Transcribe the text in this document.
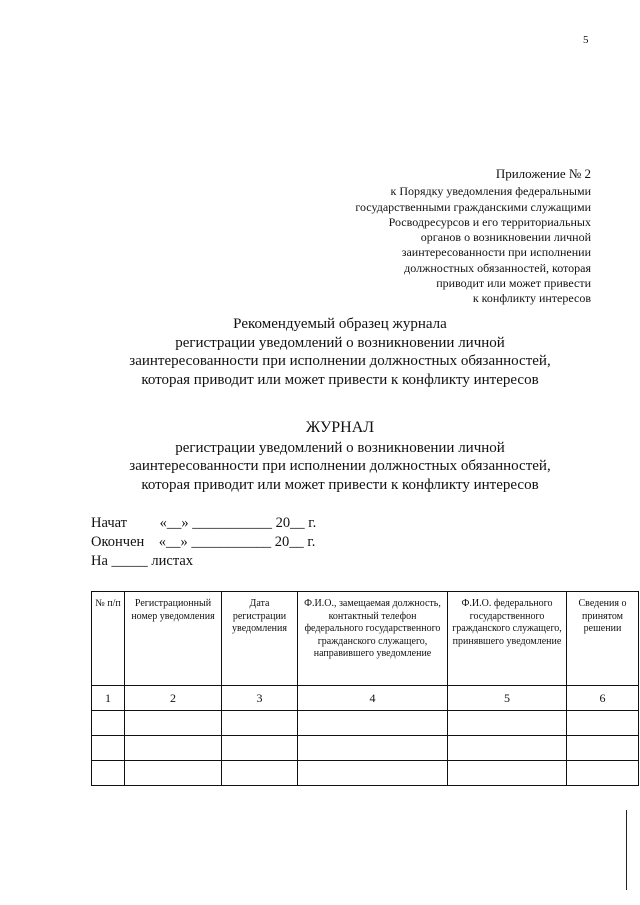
5
Приложение № 2
к Порядку уведомления федеральными
государственными гражданскими служащими
Росводресурсов и его территориальных
органов о возникновении личной
заинтересованности при исполнении
должностных обязанностей, которая
приводит или может привести
к конфликту интересов
Рекомендуемый образец журнала
регистрации уведомлений о возникновении личной
заинтересованности при исполнении должностных обязанностей,
которая приводит или может привести к конфликту интересов
ЖУРНАЛ
регистрации уведомлений о возникновении личной
заинтересованности при исполнении должностных обязанностей,
которая приводит или может привести к конфликту интересов
Начат         «__» ___________ 20__ г.
Окончен    «__» ___________ 20__ г.
На _____ листах
№ п/п	Регистрационный номер уведомления	Дата регистрации уведомления	Ф.И.О., замещаемая должность, контактный телефон федерального государственного гражданского служащего, направившего уведомление	Ф.И.О. федерального государственного гражданского служащего, принявшего уведомление	Сведения о принятом решении
1	2	3	4	5	6
